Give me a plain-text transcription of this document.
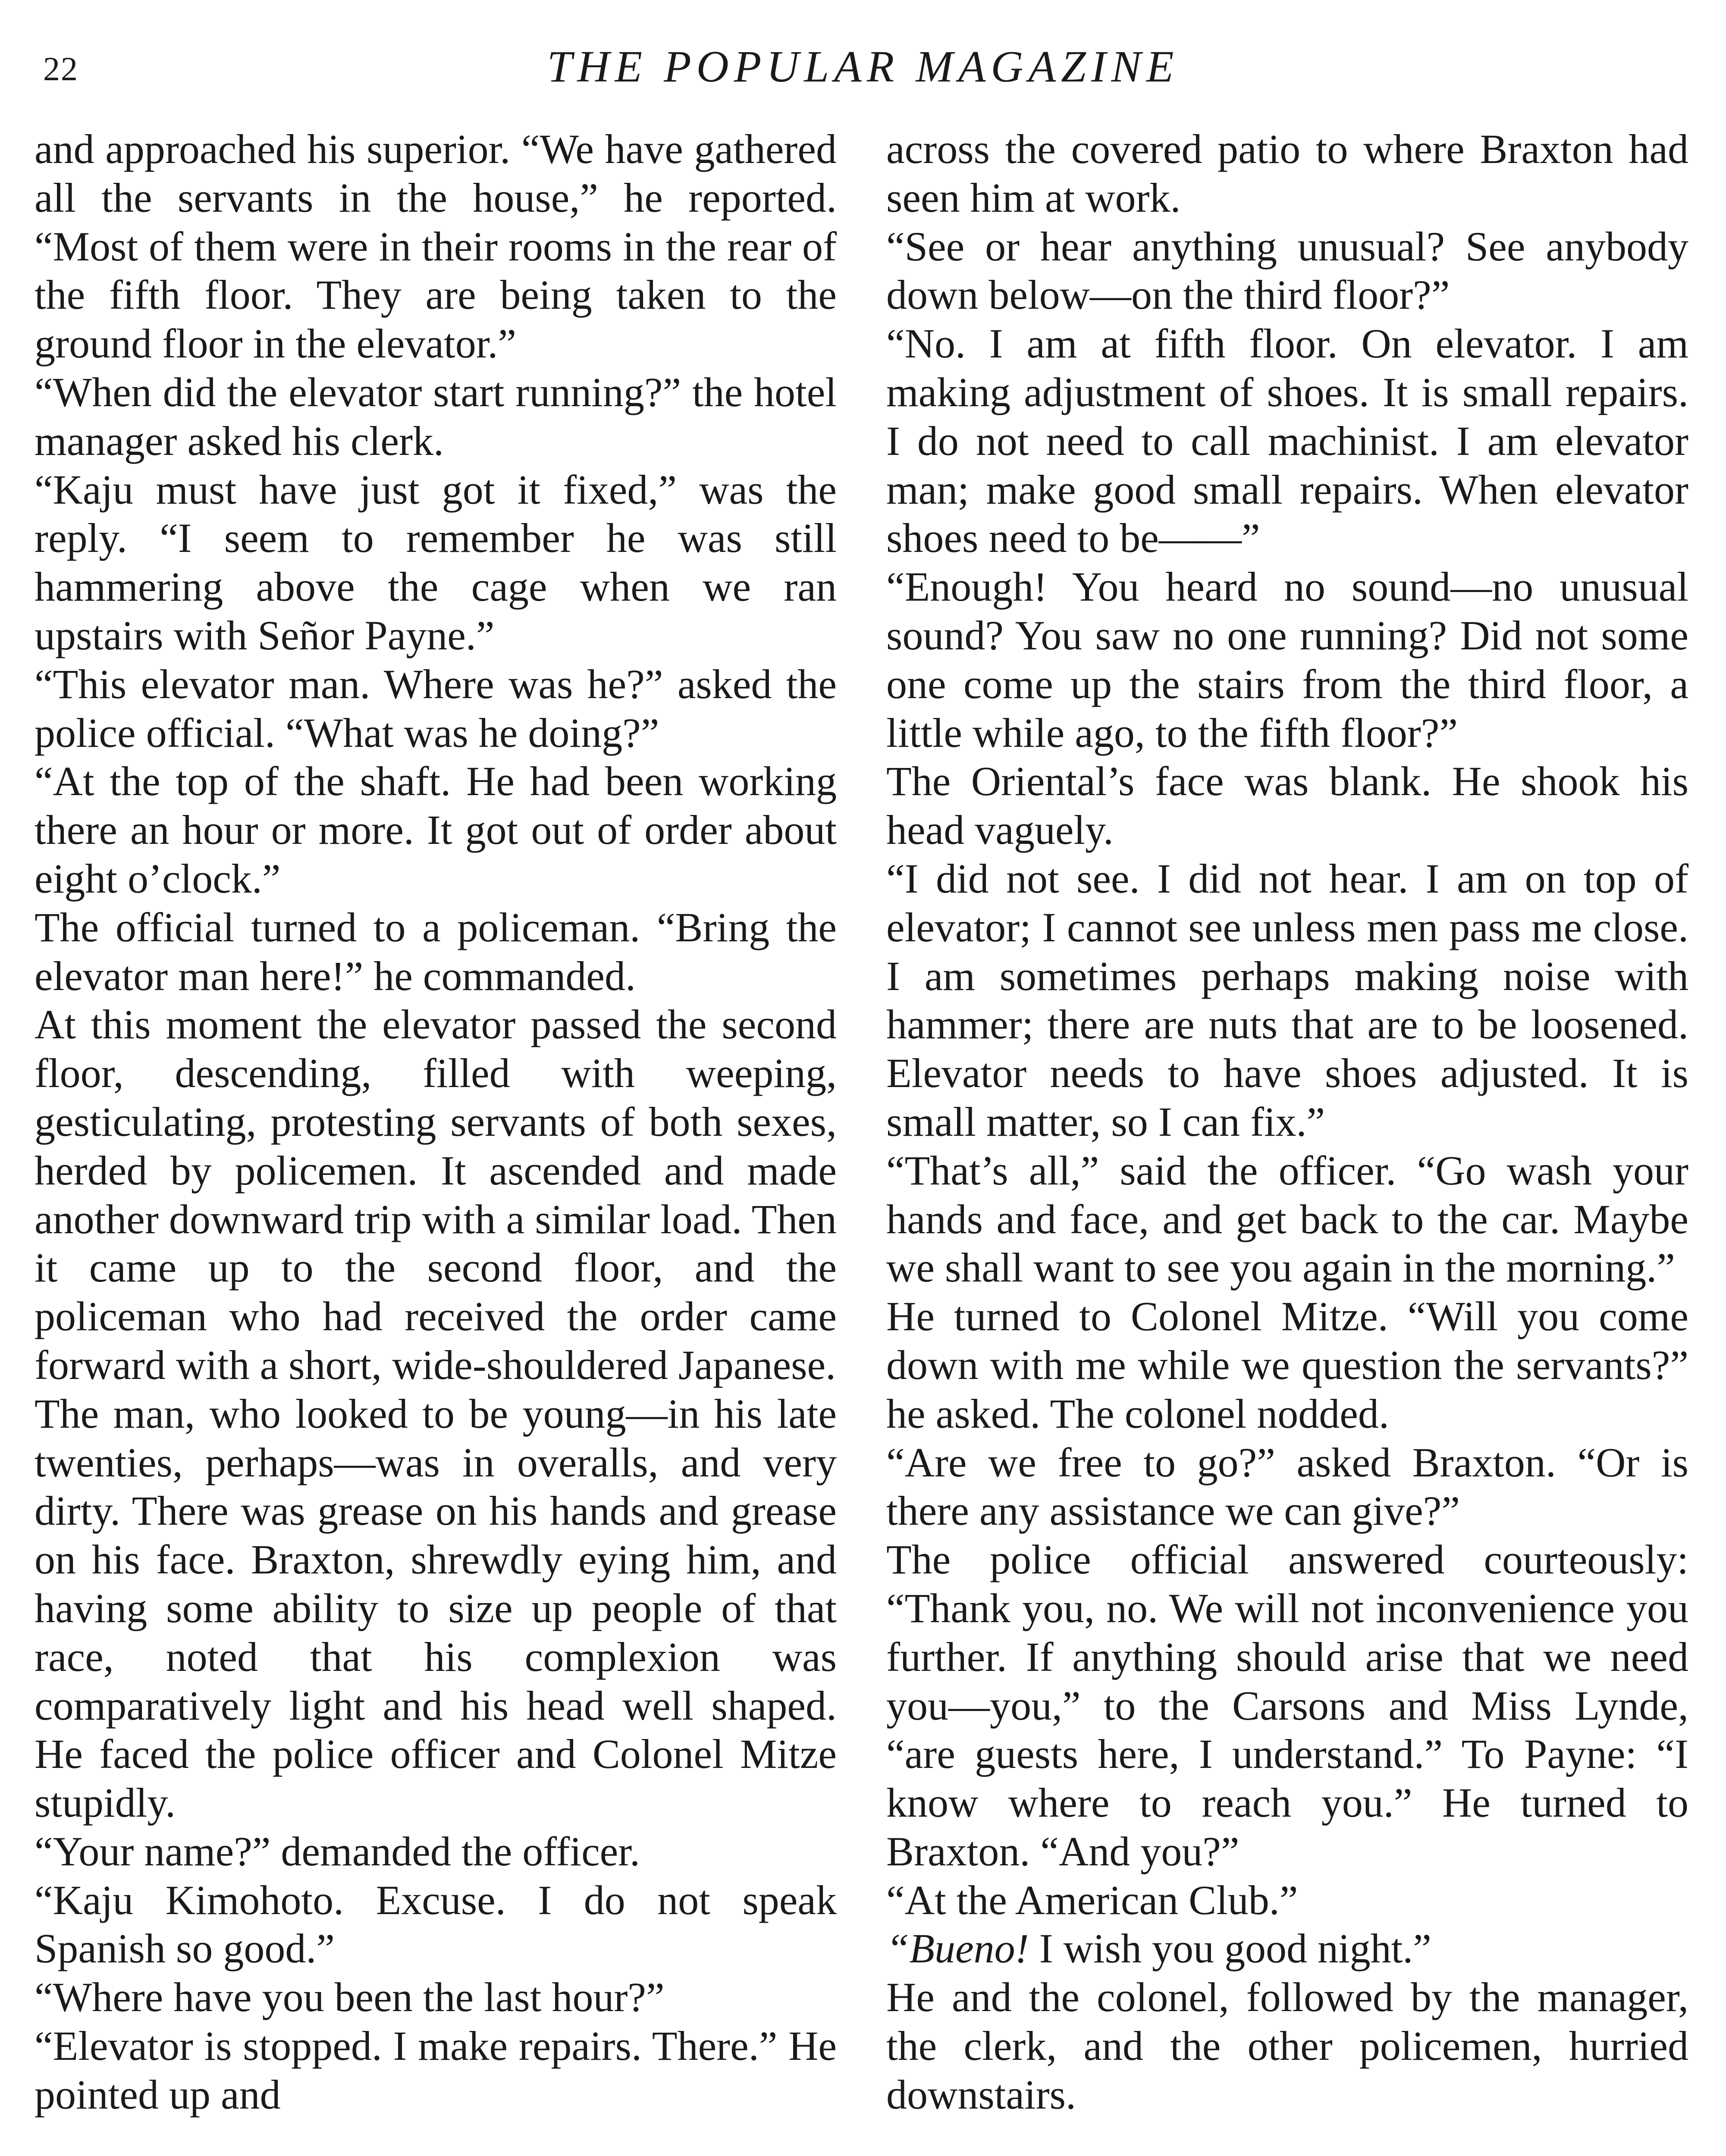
22	THE POPULAR MAGAZINE

and approached his superior. “We have gathered all the servants in the house,” he reported. “Most of them were in their rooms in the rear of the fifth floor. They are being taken to the ground floor in the elevator.”

“When did the elevator start running?” the hotel manager asked his clerk.

“Kaju must have just got it fixed,” was the reply. “I seem to remember he was still hammering above the cage when we ran upstairs with Señor Payne.”

“This elevator man. Where was he?” asked the police official. “What was he doing?”

“At the top of the shaft. He had been working there an hour or more. It got out of order about eight o’clock.”

The official turned to a policeman. “Bring the elevator man here!” he commanded.

At this moment the elevator passed the second floor, descending, filled with weeping, gesticulating, protesting servants of both sexes, herded by policemen. It ascended and made another downward trip with a similar load. Then it came up to the second floor, and the policeman who had received the order came forward with a short, wide-shouldered Japanese.

The man, who looked to be young—in his late twenties, perhaps—was in overalls, and very dirty. There was grease on his hands and grease on his face. Braxton, shrewdly eying him, and having some ability to size up people of that race, noted that his complexion was comparatively light and his head well shaped. He faced the police officer and Colonel Mitze stupidly.

“Your name?” demanded the officer.

“Kaju Kimohoto. Excuse. I do not speak Spanish so good.”

“Where have you been the last hour?”

“Elevator is stopped. I make repairs. There.” He pointed up and

across the covered patio to where Braxton had seen him at work.

“See or hear anything unusual? See anybody down below—on the third floor?”

“No. I am at fifth floor. On elevator. I am making adjustment of shoes. It is small repairs. I do not need to call machinist. I am elevator man; make good small repairs. When elevator shoes need to be——”

“Enough! You heard no sound—no unusual sound? You saw no one running? Did not some one come up the stairs from the third floor, a little while ago, to the fifth floor?”

The Oriental’s face was blank. He shook his head vaguely.

“I did not see. I did not hear. I am on top of elevator; I cannot see unless men pass me close. I am sometimes perhaps making noise with hammer; there are nuts that are to be loosened. Elevator needs to have shoes adjusted. It is small matter, so I can fix.”

“That’s all,” said the officer. “Go wash your hands and face, and get back to the car. Maybe we shall want to see you again in the morning.”

He turned to Colonel Mitze. “Will you come down with me while we question the servants?” he asked. The colonel nodded.

“Are we free to go?” asked Braxton. “Or is there any assistance we can give?”

The police official answered courteously: “Thank you, no. We will not inconvenience you further. If anything should arise that we need you—you,” to the Carsons and Miss Lynde, “are guests here, I understand.” To Payne: “I know where to reach you.” He turned to Braxton. “And you?”

“At the American Club.”

“Bueno! I wish you good night.”

He and the colonel, followed by the manager, the clerk, and the other policemen, hurried downstairs.
